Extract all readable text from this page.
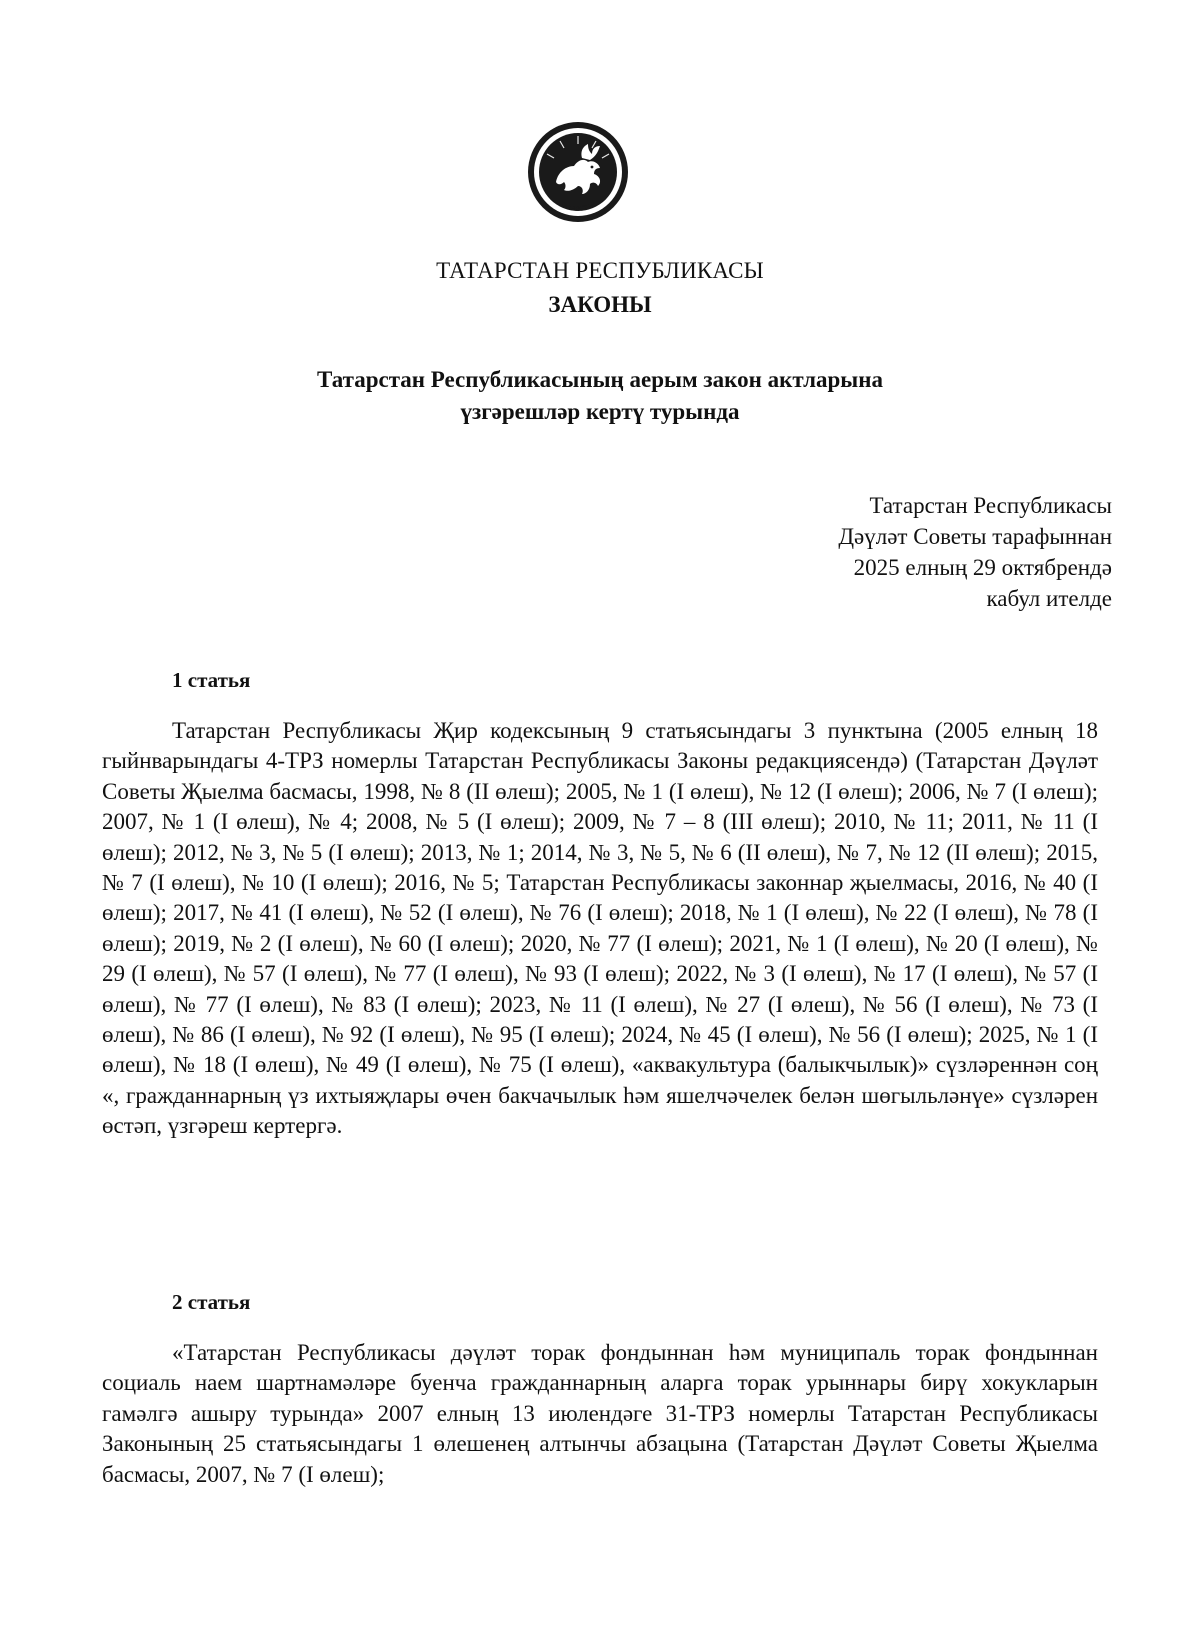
ТАТАРСТАН
ТАТАРСТАН РЕСПУБЛИКАСЫ
ЗАКОНЫ
Татарстан Республикасының аерым закон актларына
үзгәрешләр кертү турында
Татарстан Республикасы
Дәүләт Советы тарафыннан
2025 елның 29 октябрендә
кабул ителде
1 статья

Татарстан Республикасы Җир кодексының 9 статьясындагы 3 пунктына (2005 елның 18 гыйнварындагы 4-ТРЗ номерлы Татарстан Республикасы Законы редакциясендә) (Татарстан Дәүләт Советы Җыелма басмасы, 1998, № 8 (II өлеш); 2005, № 1 (I өлеш), № 12 (I өлеш); 2006, № 7 (I өлеш); 2007, № 1 (I өлеш), № 4; 2008, № 5 (I өлеш); 2009, № 7 – 8 (III өлеш); 2010, № 11; 2011, № 11 (I өлеш); 2012, № 3, № 5 (I өлеш); 2013, № 1; 2014, № 3, № 5, № 6 (II өлеш), № 7, № 12 (II өлеш); 2015, № 7 (I өлеш), № 10 (I өлеш); 2016, № 5; Татарстан Республикасы законнар җыелмасы, 2016, № 40 (I өлеш); 2017, № 41 (I өлеш), № 52 (I өлеш), № 76 (I өлеш); 2018, № 1 (I өлеш), № 22 (I өлеш), № 78 (I өлеш); 2019, № 2 (I өлеш), № 60 (I өлеш); 2020, № 77 (I өлеш); 2021, № 1 (I өлеш), № 20 (I өлеш), № 29 (I өлеш), № 57 (I өлеш), № 77 (I өлеш), № 93 (I өлеш); 2022, № 3 (I өлеш), № 17 (I өлеш), № 57 (I өлеш), № 77 (I өлеш), № 83 (I өлеш); 2023, № 11 (I өлеш), № 27 (I өлеш), № 56 (I өлеш), № 73 (I өлеш), № 86 (I өлеш), № 92 (I өлеш), № 95 (I өлеш); 2024, № 45 (I өлеш), № 56 (I өлеш); 2025, № 1 (I өлеш), № 18 (I өлеш), № 49 (I өлеш), № 75 (I өлеш), «аквакультура (балыкчылык)» сүзләреннән соң «, гражданнарның үз ихтыяҗлары өчен бакчачылык һәм яшелчәчелек белән шөгыльләнүе» сүзләрен өстәп, үзгәреш кертергә.

2 статья

«Татарстан Республикасы дәүләт торак фондыннан һәм муниципаль торак фондыннан социаль наем шартнамәләре буенча гражданнарның аларга торак урыннары бирү хокукларын гамәлгә ашыру турында» 2007 елның 13 июлендәге 31-ТРЗ номерлы Татарстан Республикасы Законының 25 статьясындагы 1 өлешенең алтынчы абзацына (Татарстан Дәүләт Советы Җыелма басмасы, 2007, № 7 (I өлеш);
